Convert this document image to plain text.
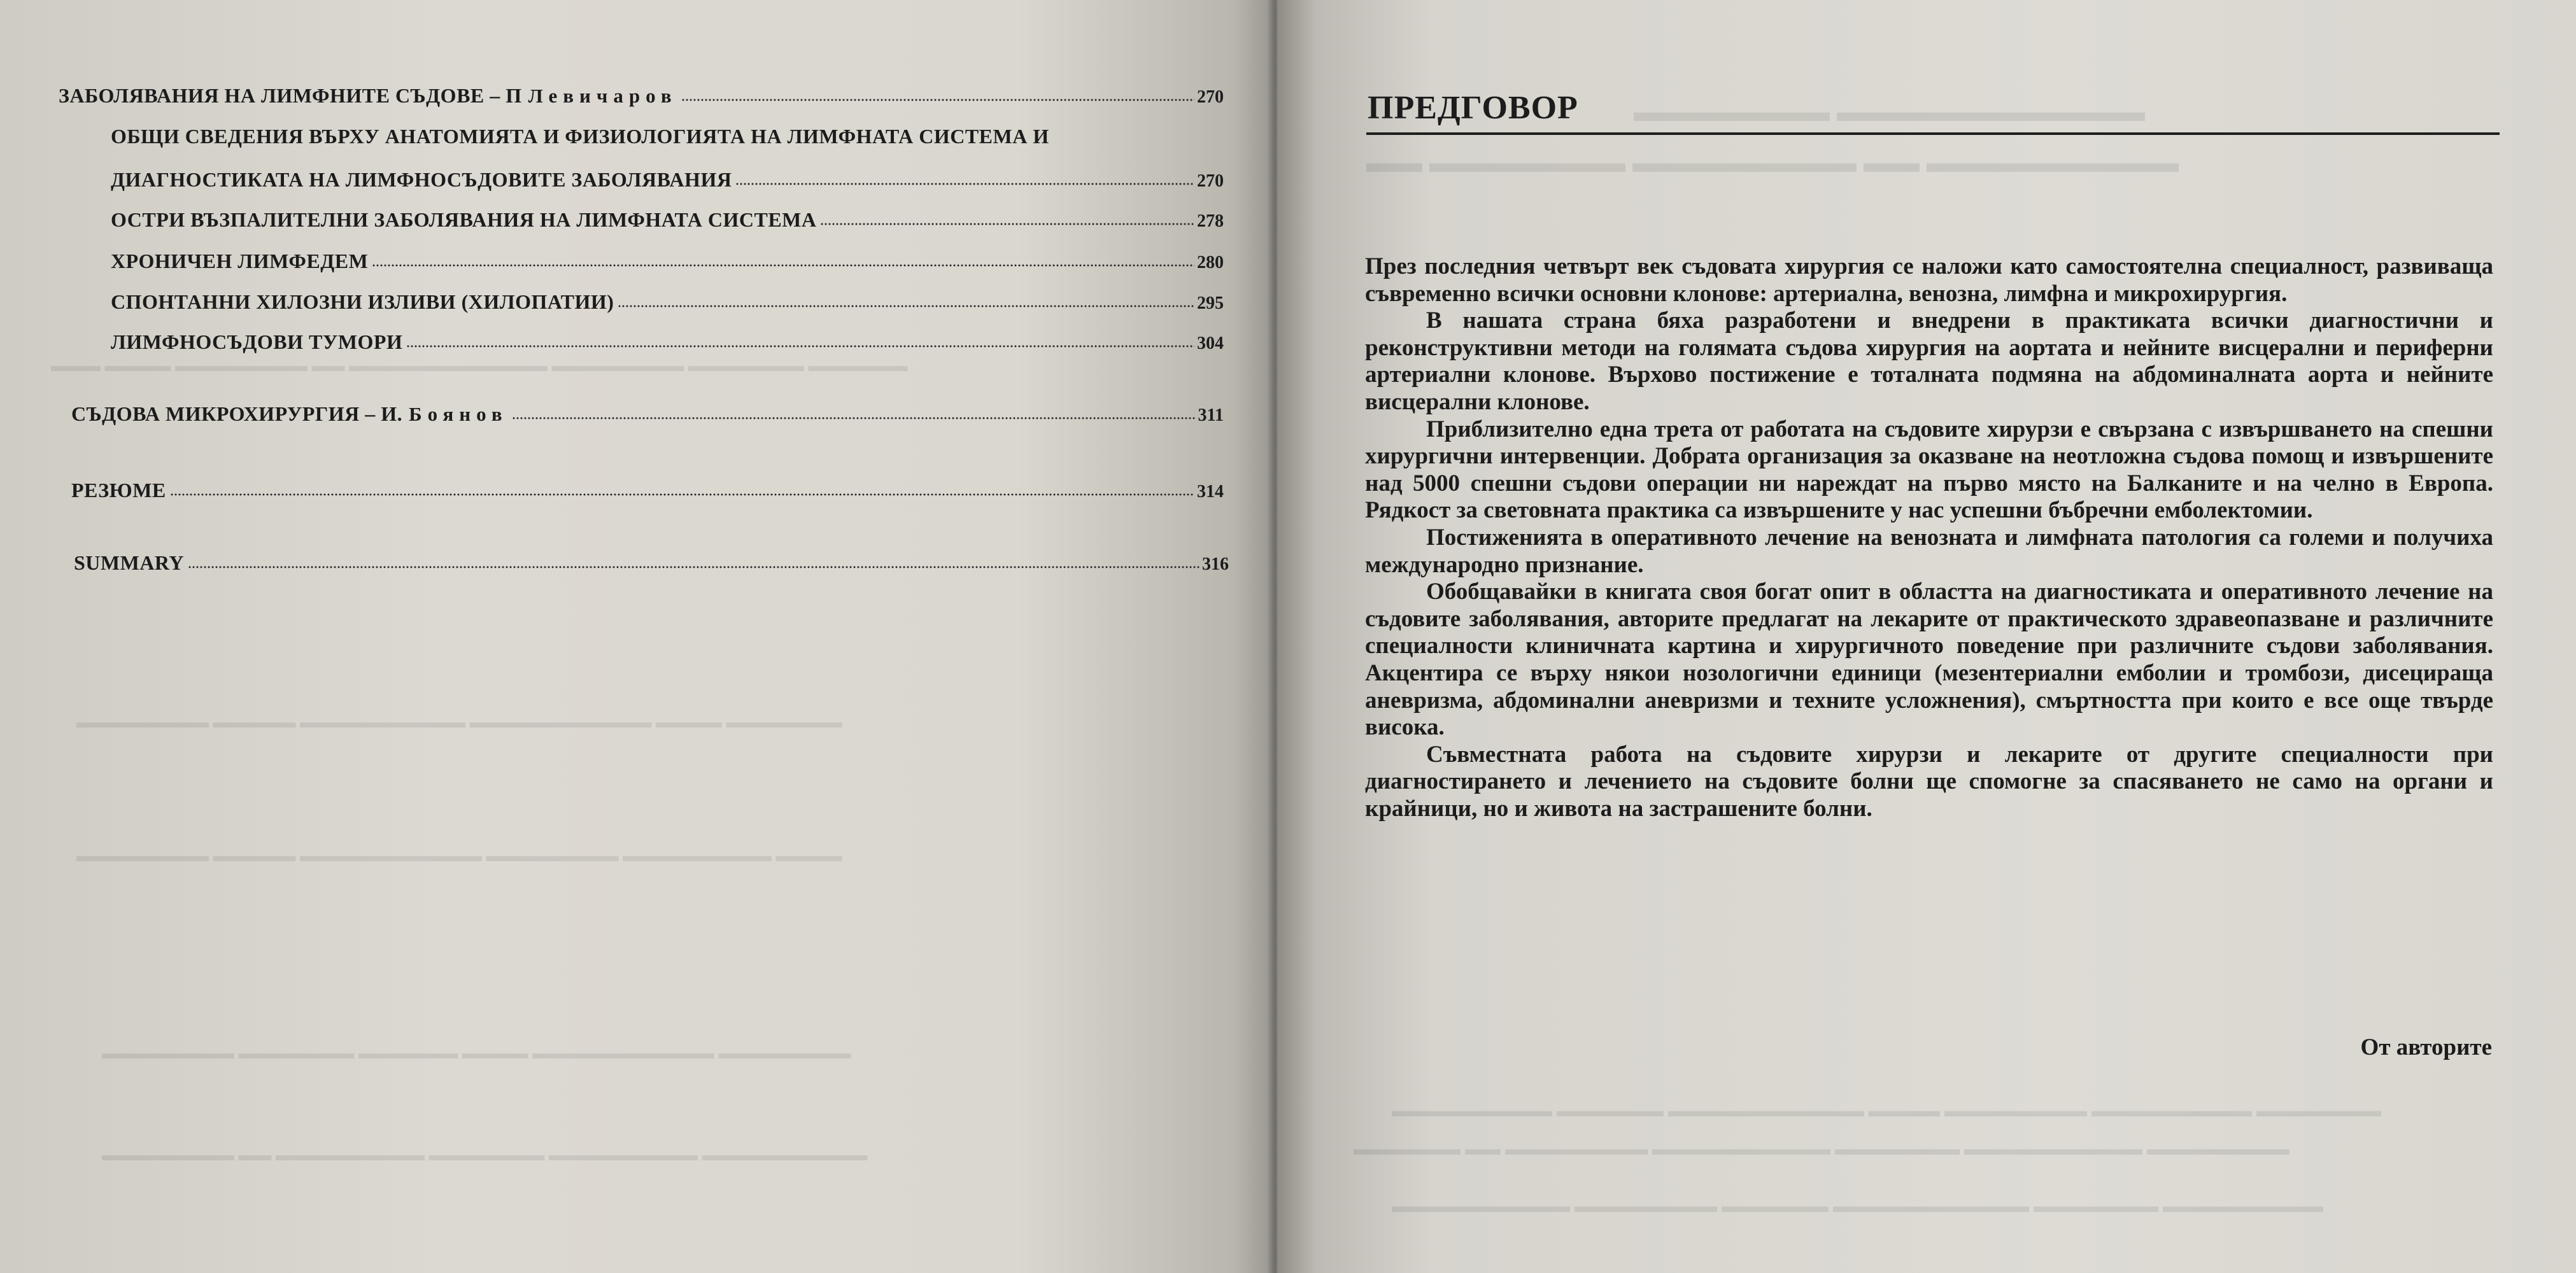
▬▬▬ ▬▬▬▬ ▬▬▬▬▬▬▬▬ ▬▬ ▬▬▬▬▬▬▬▬▬▬▬▬ ▬▬▬▬▬▬▬▬ ▬▬▬▬▬▬▬ ▬▬▬▬▬▬
▬▬▬▬▬▬▬▬ ▬▬▬▬▬ ▬▬▬▬▬▬▬▬▬▬ ▬▬▬▬▬▬▬▬▬▬▬ ▬▬▬▬ ▬▬▬▬▬▬▬
▬▬▬▬▬▬▬▬ ▬▬▬▬▬ ▬▬▬▬▬▬▬▬▬▬▬ ▬▬▬▬▬▬▬▬ ▬▬▬▬▬▬▬▬▬ ▬▬▬▬
▬▬▬▬▬▬▬▬ ▬▬▬▬▬▬▬ ▬▬▬▬▬▬ ▬▬▬▬ ▬▬▬▬▬▬▬▬▬▬▬ ▬▬▬▬▬▬▬▬
▬▬▬▬▬▬▬▬ ▬▬ ▬▬▬▬▬▬▬▬▬ ▬▬▬▬▬▬▬ ▬▬▬▬▬▬▬▬▬ ▬▬▬▬▬▬▬▬▬▬
ЗАБОЛЯВАНИЯ НА ЛИМФНИТЕ СЪДОВЕ – П Левичаров	270
ОБЩИ СВЕДЕНИЯ ВЪРХУ АНАТОМИЯТА И ФИЗИОЛОГИЯТА НА ЛИМФНАТА СИСТЕМА И
ДИАГНОСТИКАТА НА ЛИМФНОСЪДОВИТЕ ЗАБОЛЯВАНИЯ	270
ОСТРИ ВЪЗПАЛИТЕЛНИ ЗАБОЛЯВАНИЯ НА ЛИМФНАТА СИСТЕМА	278
ХРОНИЧЕН ЛИМФЕДЕМ	280
СПОНТАННИ ХИЛОЗНИ ИЗЛИВИ (ХИЛОПАТИИ)	295
ЛИМФНОСЪДОВИ ТУМОРИ	304
СЪДОВА МИКРОХИРУРГИЯ – И. Боянов	311
РЕЗЮМЕ	314
SUMMARY	316
▬▬▬▬▬▬▬ ▬▬▬▬▬▬▬▬▬▬▬
▬▬ ▬▬▬▬▬▬▬ ▬▬▬▬▬▬▬▬ ▬▬ ▬▬▬▬▬▬▬▬▬
▬▬▬▬▬▬▬▬▬ ▬▬▬▬▬▬ ▬▬▬▬▬▬▬▬▬▬▬ ▬▬▬▬ ▬▬▬▬▬▬▬▬ ▬▬▬▬▬▬▬▬▬ ▬▬▬▬▬▬▬
▬▬▬▬▬▬ ▬▬ ▬▬▬▬▬▬▬▬ ▬▬▬▬▬▬▬▬▬▬ ▬▬▬▬▬▬▬ ▬▬▬▬▬▬▬▬▬▬ ▬▬▬▬▬▬▬▬
▬▬▬▬▬▬▬▬▬▬ ▬▬▬▬▬▬▬▬ ▬▬▬▬▬▬ ▬▬▬▬▬▬▬▬▬▬▬ ▬▬▬▬▬▬▬ ▬▬▬▬▬▬▬▬▬
ПРЕДГОВОР

През последния четвърт век съдовата хирургия се наложи като самостоятелна специалност, развиваща съвременно всички основни клонове: артериална, венозна, лимфна и микрохирургия.

В нашата страна бяха разработени и внедрени в практиката всички диагностични и реконструктивни методи на голямата съдова хирургия на аортата и нейните висцерални и периферни артериални клонове. Върхово постижение е тоталната подмяна на абдоминалната аорта и нейните висцерални клонове.

Приблизително една трета от работата на съдовите хирурзи е свързана с извършването на спешни хирургични интервенции. Добрата организация за оказване на неотложна съдова помощ и извършените над 5000 спешни съдови операции ни нареждат на първо място на Балканите и на челно в Европа. Рядкост за световната практика са извършените у нас успешни бъбречни емболектомии.

Постиженията в оперативното лечение на венозната и лимфната патология са големи и получиха международно признание.

Обобщавайки в книгата своя богат опит в областта на диагностиката и оперативното лечение на съдовите заболявания, авторите предлагат на лекарите от практическото здравеопазване и различните специалности клиничната картина и хирургичното поведение при различните съдови заболявания. Акцентира се върху някои нозологични единици (мезентериални емболии и тромбози, дисецираща аневризма, абдоминални аневризми и техните усложнения), смъртността при които е все още твърде висока.

Съвместната работа на съдовите хирурзи и лекарите от другите специалности при диагностирането и лечението на съдовите болни ще спомогне за спасяването не само на органи и крайници, но и живота на застрашените болни.

От авторите
